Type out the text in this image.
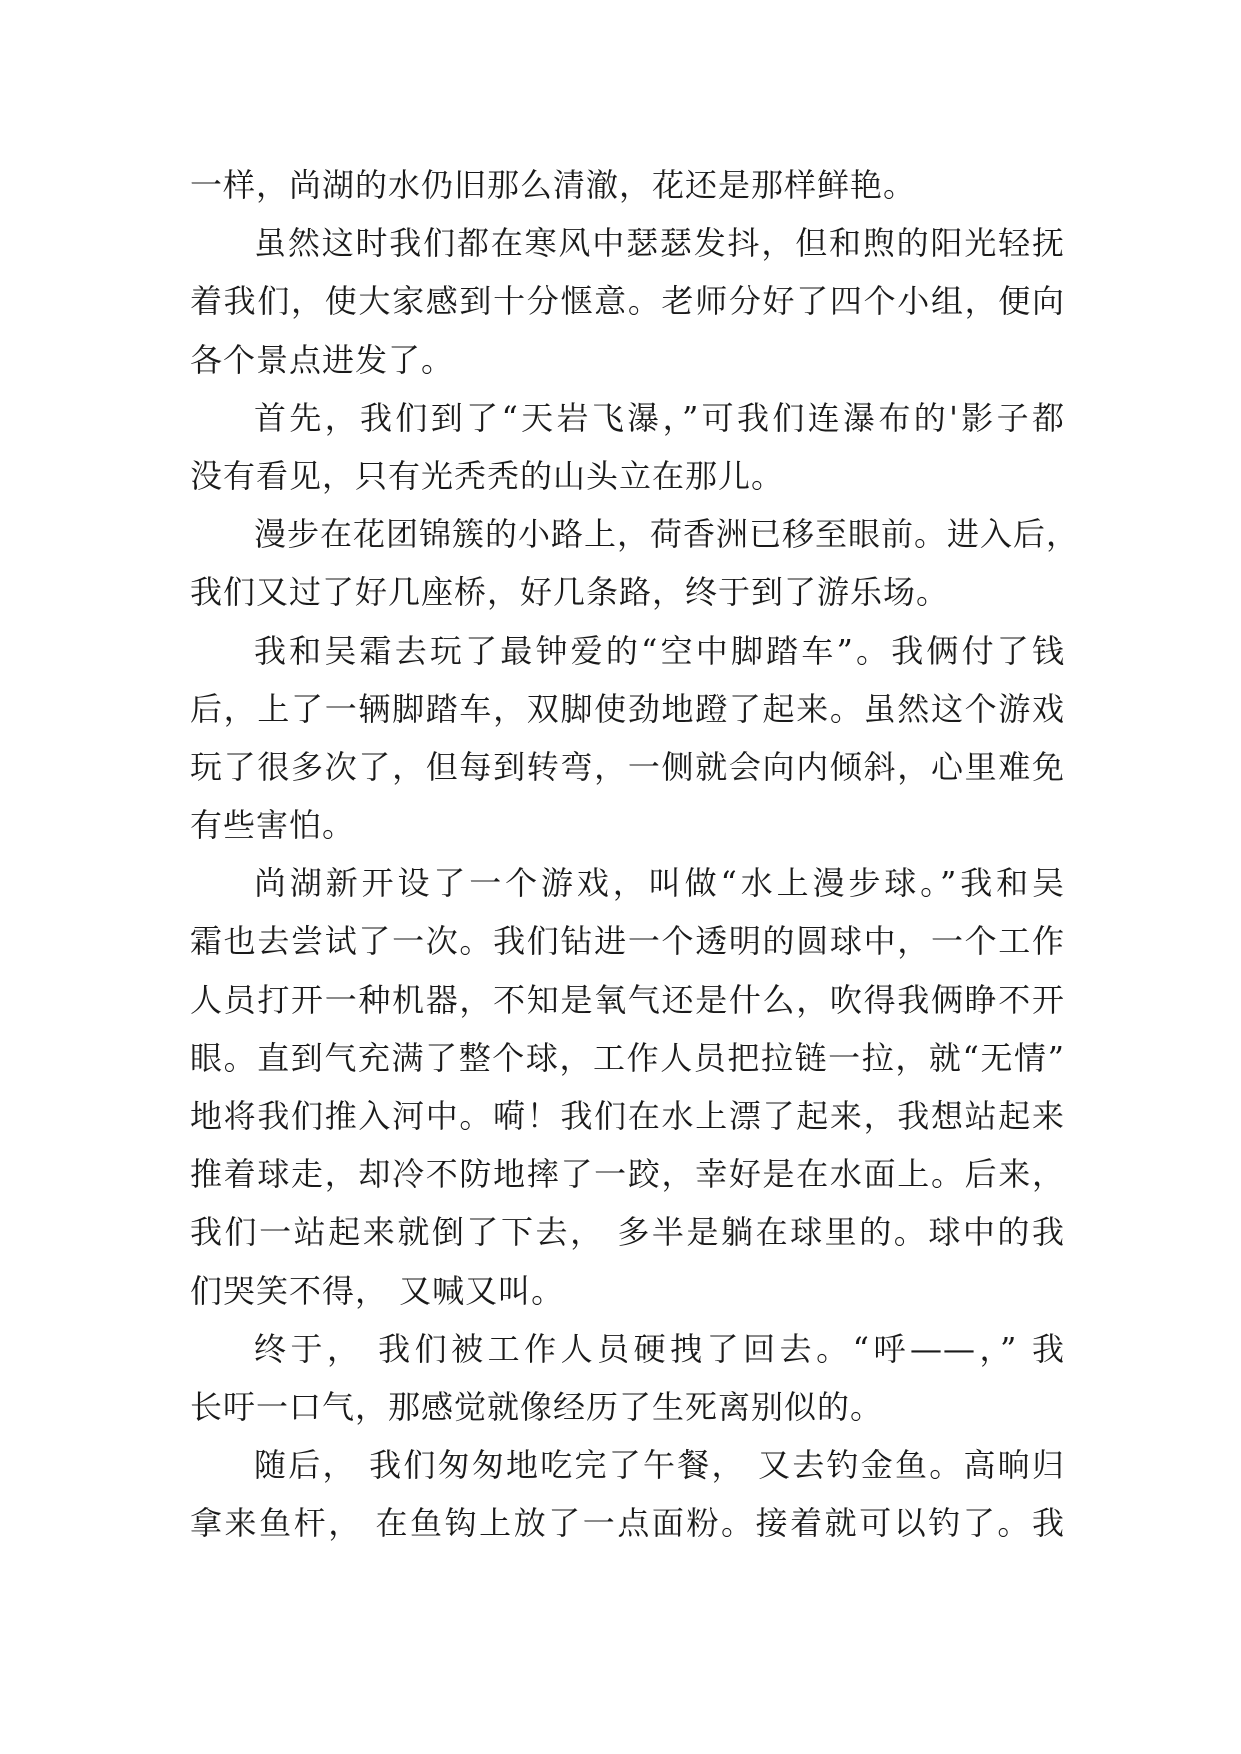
一样，尚湖的水仍旧那么清澈，花还是那样鲜艳。
虽然这时我们都在寒风中瑟瑟发抖，但和煦的阳光轻抚
着我们，使大家感到十分惬意。老师分好了四个小组，便向
各个景点进发了。
首先，我们到了“天岩飞瀑，”可我们连瀑布的'影子都
没有看见，只有光秃秃的山头立在那儿。
漫步在花团锦簇的小路上，荷香洲已移至眼前。进入后，
我们又过了好几座桥，好几条路，终于到了游乐场。
我和吴霜去玩了最钟爱的“空中脚踏车”。我俩付了钱
后，上了一辆脚踏车，双脚使劲地蹬了起来。虽然这个游戏
玩了很多次了，但每到转弯，一侧就会向内倾斜，心里难免
有些害怕。
尚湖新开设了一个游戏，叫做“水上漫步球。”我和吴
霜也去尝试了一次。我们钻进一个透明的圆球中，一个工作
人员打开一种机器，不知是氧气还是什么，吹得我俩睁不开
眼。直到气充满了整个球，工作人员把拉链一拉，就“无情”
地将我们推入河中。嗬！我们在水上漂了起来，我想站起来
推着球走，却冷不防地摔了一跤，幸好是在水面上。后来，
我们一站起来就倒了下去， 多半是躺在球里的。球中的我
们哭笑不得， 又喊又叫。
终于， 我们被工作人员硬拽了回去。“呼——，” 我
长吁一口气，那感觉就像经历了生死离别似的。
随后， 我们匆匆地吃完了午餐， 又去钓金鱼。高晌归
拿来鱼杆， 在鱼钩上放了一点面粉。接着就可以钓了。我
